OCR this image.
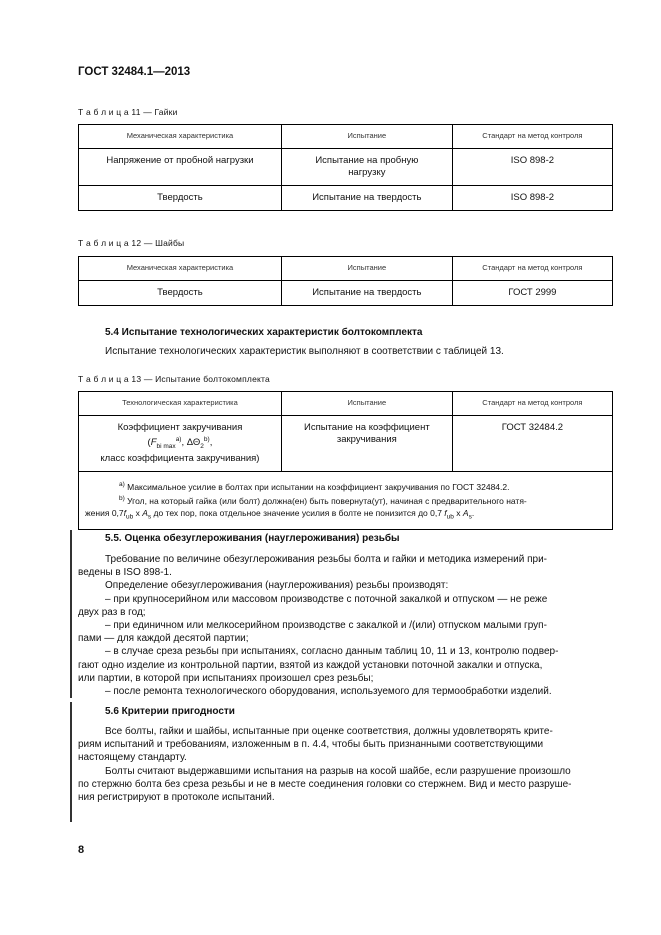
ГОСТ 32484.1—2013
Т а б л и ц а 11 — Гайки
Механическая характеристика	Испытание	Стандарт на метод контроля
Напряжение от пробной нагрузки	Испытание на пробную нагрузку	ISO 898-2
Твердость	Испытание на твердость	ISO 898-2
Т а б л и ц а 12 — Шайбы
Механическая характеристика	Испытание	Стандарт на метод контроля
Твердость	Испытание на твердость	ГОСТ 2999
5.4 Испытание технологических характеристик болтокомплекта
Испытание технологических характеристик выполняют в соответствии с таблицей 13.
Т а б л и ц а 13 — Испытание болтокомплекта
Технологическая характеристика	Испытание	Стандарт на метод контроля

Коэффициент закручивания
($F_{bi max}^{a)}$, $\Delta\Theta_2^{b)}$,
класс коэффициента закручивания)	Испытание на коэффициент закручивания	ГОСТ 32484.2

$^{a)}$ Максимальное усилие в болтах при испытании на коэффициент закручивания по ГОСТ 32484.2.
$^{b)}$ Угол, на который гайка (или болт) должна(ен) быть повернута(ут), начиная с предварительного натя-
жения $0,7f_{ub}$ x $A_s$ до тех пор, пока отдельное значение усилия в болте не понизится до 0,7 $f_{ub}$ x $A_s$.		
5.5. Оценка обезуглероживания (науглероживания) резьбы
Требование по величине обезуглероживания резьбы болта и гайки и методика измерений при-
ведены в ISO 898-1.
Определение обезуглероживания (науглероживания) резьбы производят:
– при крупносерийном или массовом производстве с поточной закалкой и отпуском — не реже
двух раз в год;
– при единичном или мелкосерийном производстве с закалкой и /(или) отпуском малыми груп-
пами — для каждой десятой партии;
– в случае среза резьбы при испытаниях, согласно данным таблиц 10, 11 и 13, контролю подвер-
гают одно изделие из контрольной партии, взятой из каждой установки поточной закалки и отпуска,
или партии, в которой при испытаниях произошел срез резьбы;
– после ремонта технологического оборудования, используемого для термообработки изделий.
5.6 Критерии пригодности
Все болты, гайки и шайбы, испытанные при оценке соответствия, должны удовлетворять крите-
риям испытаний и требованиям, изложенным в п. 4.4, чтобы быть признанными соответствующими
настоящему стандарту.
Болты считают выдержавшими испытания на разрыв на косой шайбе, если разрушение произошло
по стержню болта без среза резьбы и не в месте соединения головки со стержнем. Вид и место разруше-
ния регистрируют в протоколе испытаний.
8
